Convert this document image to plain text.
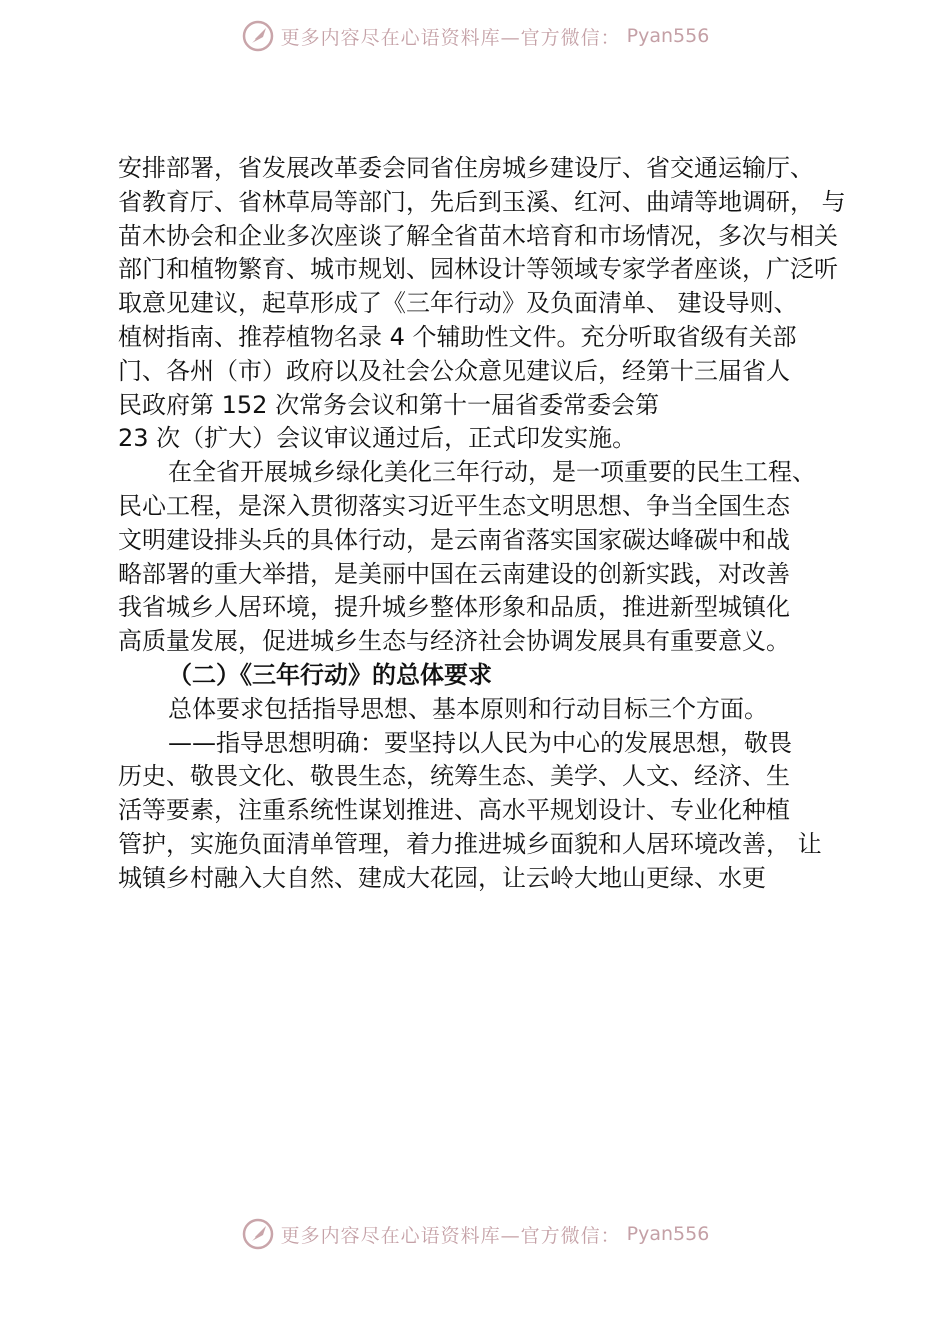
更多内容尽在心语资料库—官方微信： Pyan556
安排部署，省发展改革委会同省住房城乡建设厅、省交通运输厅、
省教育厅、省林草局等部门，先后到玉溪、红河、曲靖等地调研， 与
苗木协会和企业多次座谈了解全省苗木培育和市场情况，多次与相关
部门和植物繁育、城市规划、园林设计等领域专家学者座谈，广泛听
取意见建议，起草形成了《三年行动》及负面清单、 建设导则、
植树指南、推荐植物名录 4 个辅助性文件。充分听取省级有关部
门、各州（市）政府以及社会公众意见建议后，经第十三届省人
民政府第 152 次常务会议和第十一届省委常委会第
23 次（扩大）会议审议通过后，正式印发实施。
在全省开展城乡绿化美化三年行动，是一项重要的民生工程、
民心工程，是深入贯彻落实习近平生态文明思想、争当全国生态
文明建设排头兵的具体行动，是云南省落实国家碳达峰碳中和战
略部署的重大举措，是美丽中国在云南建设的创新实践，对改善
我省城乡人居环境，提升城乡整体形象和品质，推进新型城镇化
高质量发展，促进城乡生态与经济社会协调发展具有重要意义。
（二）《三年行动》的总体要求
总体要求包括指导思想、基本原则和行动目标三个方面。
——指导思想明确：要坚持以人民为中心的发展思想，敬畏
历史、敬畏文化、敬畏生态，统筹生态、美学、人文、经济、生
活等要素，注重系统性谋划推进、高水平规划设计、专业化种植
管护，实施负面清单管理，着力推进城乡面貌和人居环境改善， 让
城镇乡村融入大自然、建成大花园，让云岭大地山更绿、水更
更多内容尽在心语资料库—官方微信： Pyan556
